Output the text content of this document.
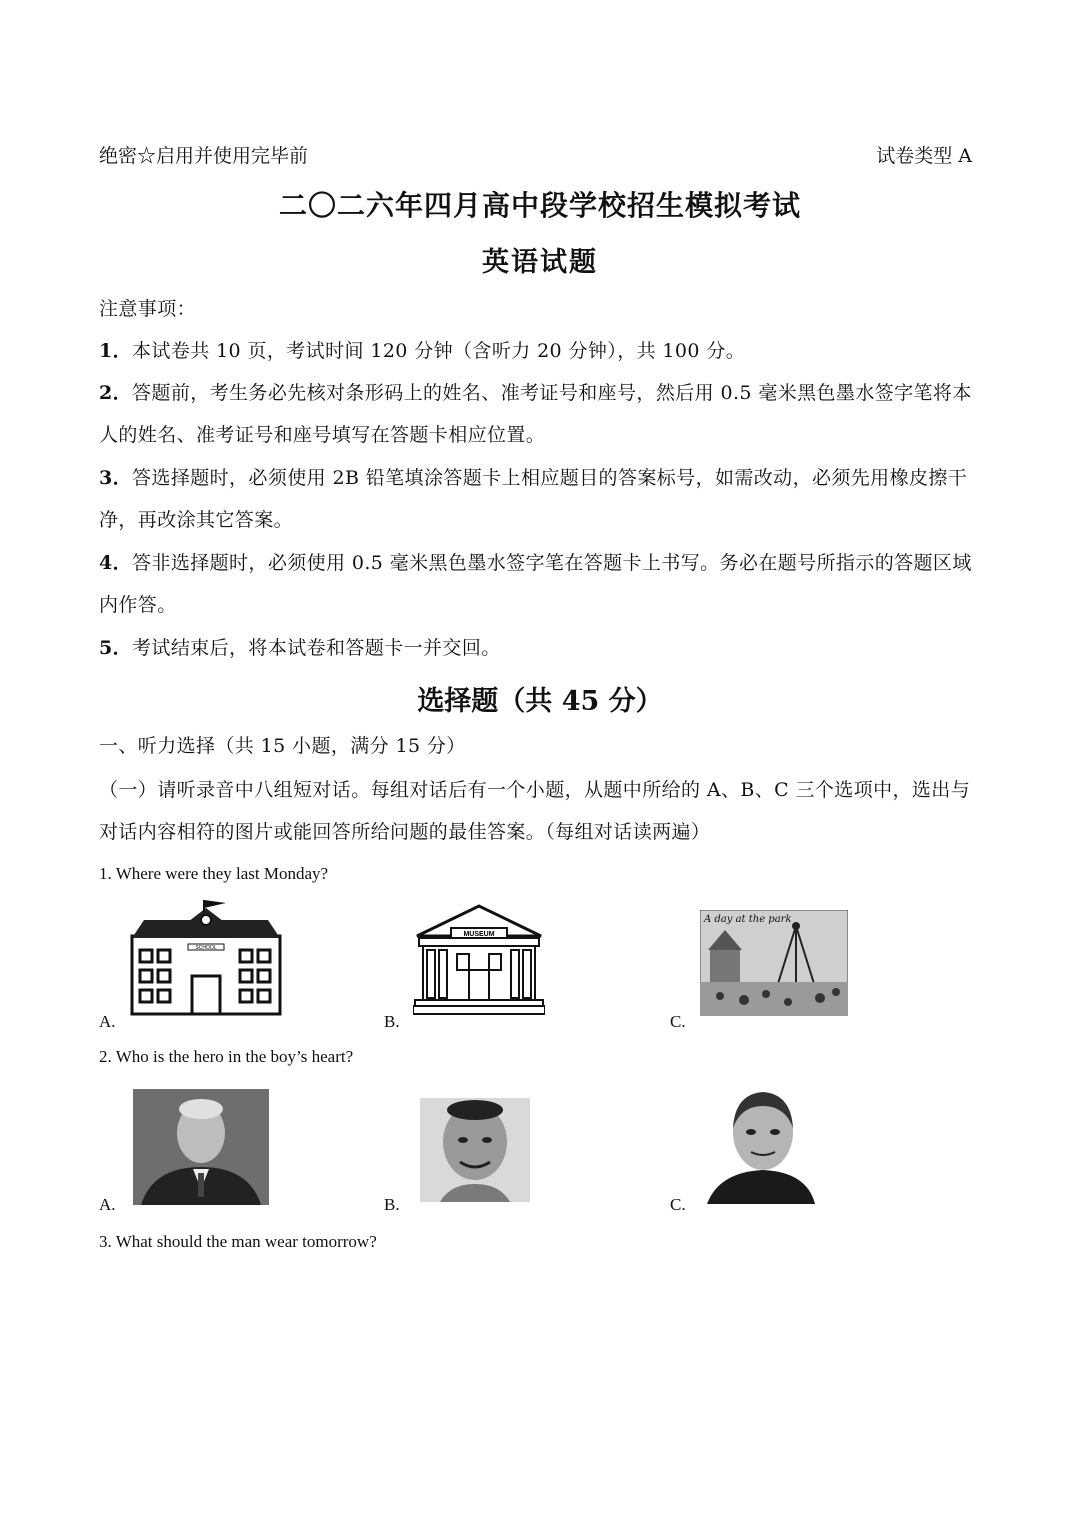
绝密☆启用并使用完毕前	试卷类型 A
二〇二六年四月高中段学校招生模拟考试
英语试题
注意事项：
1．本试卷共 10 页，考试时间 120 分钟（含听力 20 分钟），共 100 分。
2．答题前，考生务必先核对条形码上的姓名、准考证号和座号，然后用 0.5 毫米黑色墨水签字笔将本人的姓名、准考证号和座号填写在答题卡相应位置。
3．答选择题时，必须使用 2B 铅笔填涂答题卡上相应题目的答案标号，如需改动，必须先用橡皮擦干净，再改涂其它答案。
4．答非选择题时，必须使用 0.5 毫米黑色墨水签字笔在答题卡上书写。务必在题号所指示的答题区域内作答。
5．考试结束后，将本试卷和答题卡一并交回。
选择题（共 45 分）
一、听力选择（共 15 小题，满分 15 分）
（一）请听录音中八组短对话。每组对话后有一个小题，从题中所给的 A、B、C 三个选项中，选出与对话内容相符的图片或能回答所给问题的最佳答案。（每组对话读两遍）
1. Where were they last Monday?
A.
SCHOOL
B.
MUSEUM
C.
A day at the park
2. Who is the hero in the boy’s heart?
A.	B.	C.
3. What should the man wear tomorrow?
